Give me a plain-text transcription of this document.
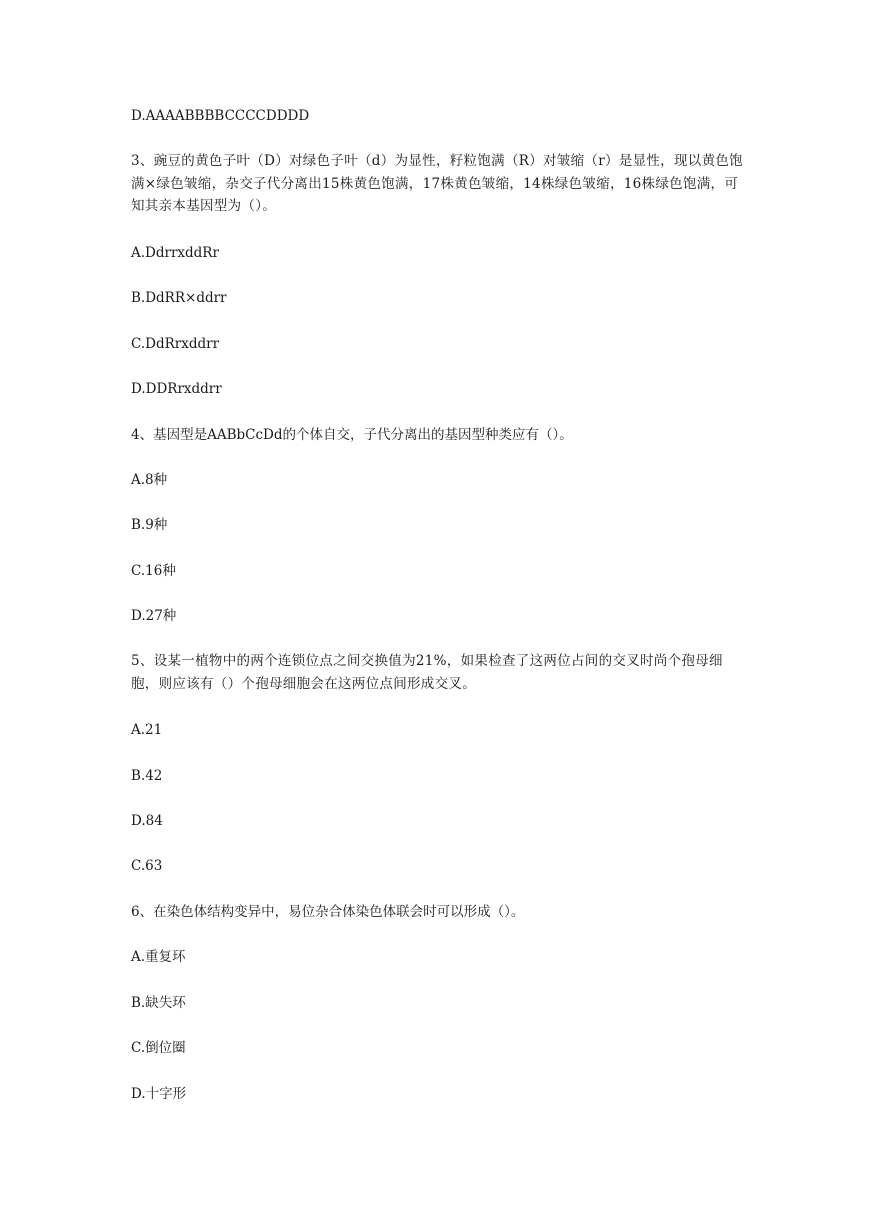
D.AAAABBBBCCCCDDDD
3、豌豆的黄色子叶（D）对绿色子叶（d）为显性，籽粒饱满（R）对皱缩（r）是显性，现以黄色饱满×绿色皱缩，杂交子代分离出15株黄色饱满，17株黄色皱缩，14株绿色皱缩，16株绿色饱满，可知其亲本基因型为（）。
A.DdrrxddRr
B.DdRR×ddrr
C.DdRrxddrr
D.DDRrxddrr
4、基因型是AABbCcDd的个体自交，子代分离出的基因型种类应有（）。
A.8种
B.9种
C.16种
D.27种
5、设某一植物中的两个连锁位点之间交换值为21%，如果检查了这两位占间的交叉时尚个孢母细胞，则应该有（）个孢母细胞会在这两位点间形成交叉。
A.21
B.42
D.84
C.63
6、在染色体结构变异中，易位杂合体染色体联会时可以形成（）。
A.重复环
B.缺失环
C.倒位圈
D.十字形
